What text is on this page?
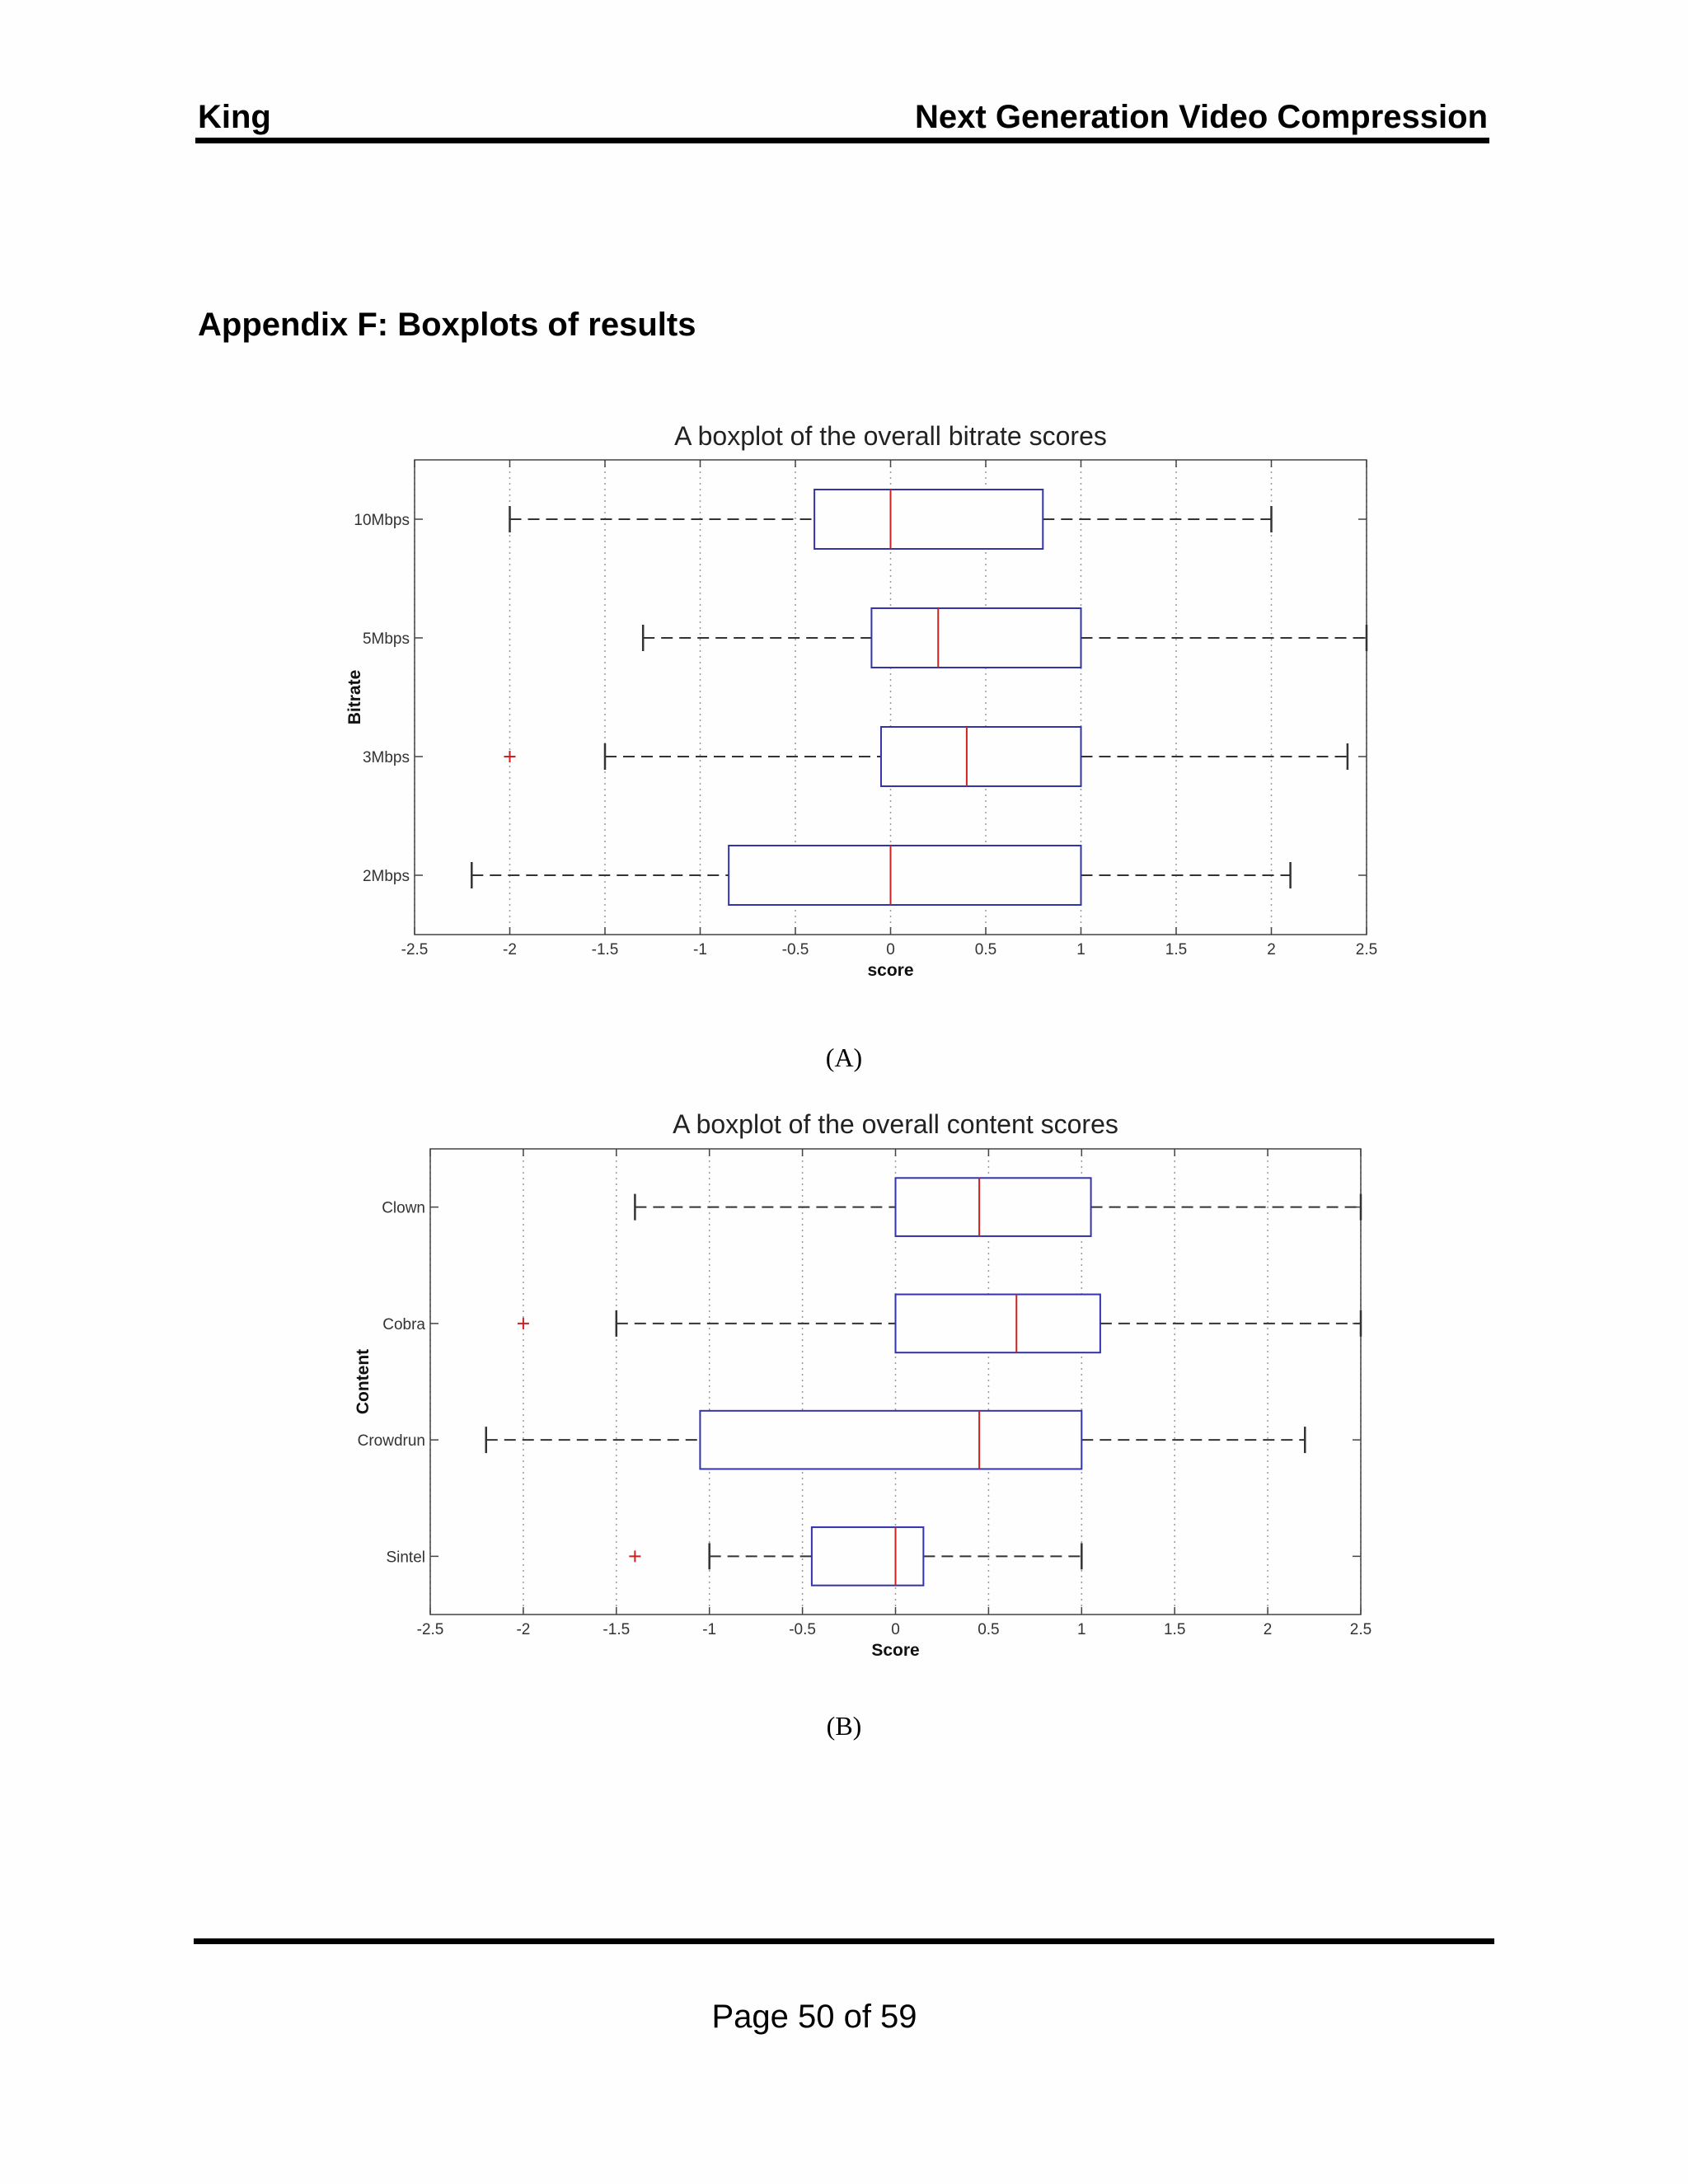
King	Next Generation Video Compression
Appendix F: Boxplots of results
A boxplot of the overall bitrate scores
-2.5	-2	-1.5	-1	-0.5	0	0.5	1	1.5	2	2.5
score
Bitrate
10Mbps
5Mbps
3Mbps
2Mbps
(A)
A boxplot of the overall content scores
-2.5	-2	-1.5	-1	-0.5	0	0.5	1	1.5	2	2.5
Score
Content
Clown
Cobra
Crowdrun
Sintel
(B)
Page 50 of 59
